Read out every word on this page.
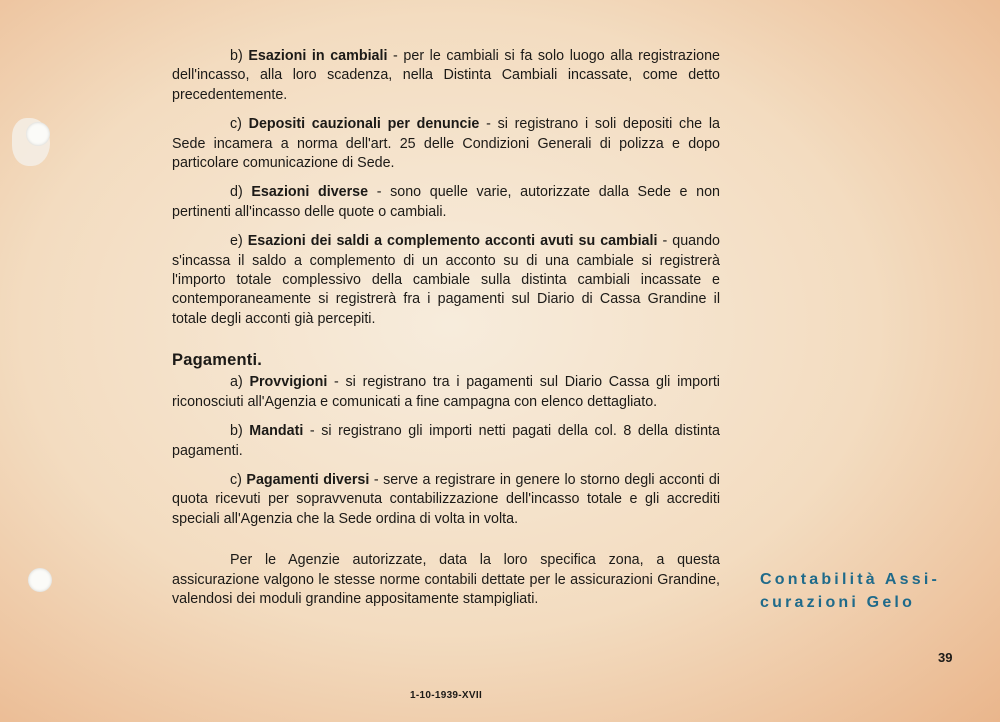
b) Esazioni in cambiali - per le cambiali si fa solo luogo alla registrazione dell'incasso, alla loro scadenza, nella Distinta Cambiali incassate, come detto precedentemente.

c) Depositi cauzionali per denuncie - si registrano i soli depositi che la Sede incamera a norma dell'art. 25 delle Condizioni Generali di polizza e dopo particolare comunicazione di Sede.

d) Esazioni diverse - sono quelle varie, autorizzate dalla Sede e non pertinenti all'incasso delle quote o cambiali.

e) Esazioni dei saldi a complemento acconti avuti su cambiali - quando s'incassa il saldo a complemento di un acconto su di una cambiale si registrerà l'importo totale complessivo della cambiale sulla distinta cambiali incassate e contemporaneamente si registrerà fra i pagamenti sul Diario di Cassa Grandine il totale degli acconti già percepiti.

Pagamenti.

a) Provvigioni - si registrano tra i pagamenti sul Diario Cassa gli importi riconosciuti all'Agenzia e comunicati a fine campagna con elenco dettagliato.

b) Mandati - si registrano gli importi netti pagati della col. 8 della distinta pagamenti.

c) Pagamenti diversi - serve a registrare in genere lo storno degli acconti di quota ricevuti per sopravvenuta contabilizzazione dell'incasso totale e gli accrediti speciali all'Agenzia che la Sede ordina di volta in volta.

Per le Agenzie autorizzate, data la loro specifica zona, a questa assicurazione valgono le stesse norme contabili dettate per le assicurazioni Grandine, valendosi dei moduli grandine appositamente stampigliati.

Contabilità Assi-
curazioni Gelo
39
1-10-1939-XVII
